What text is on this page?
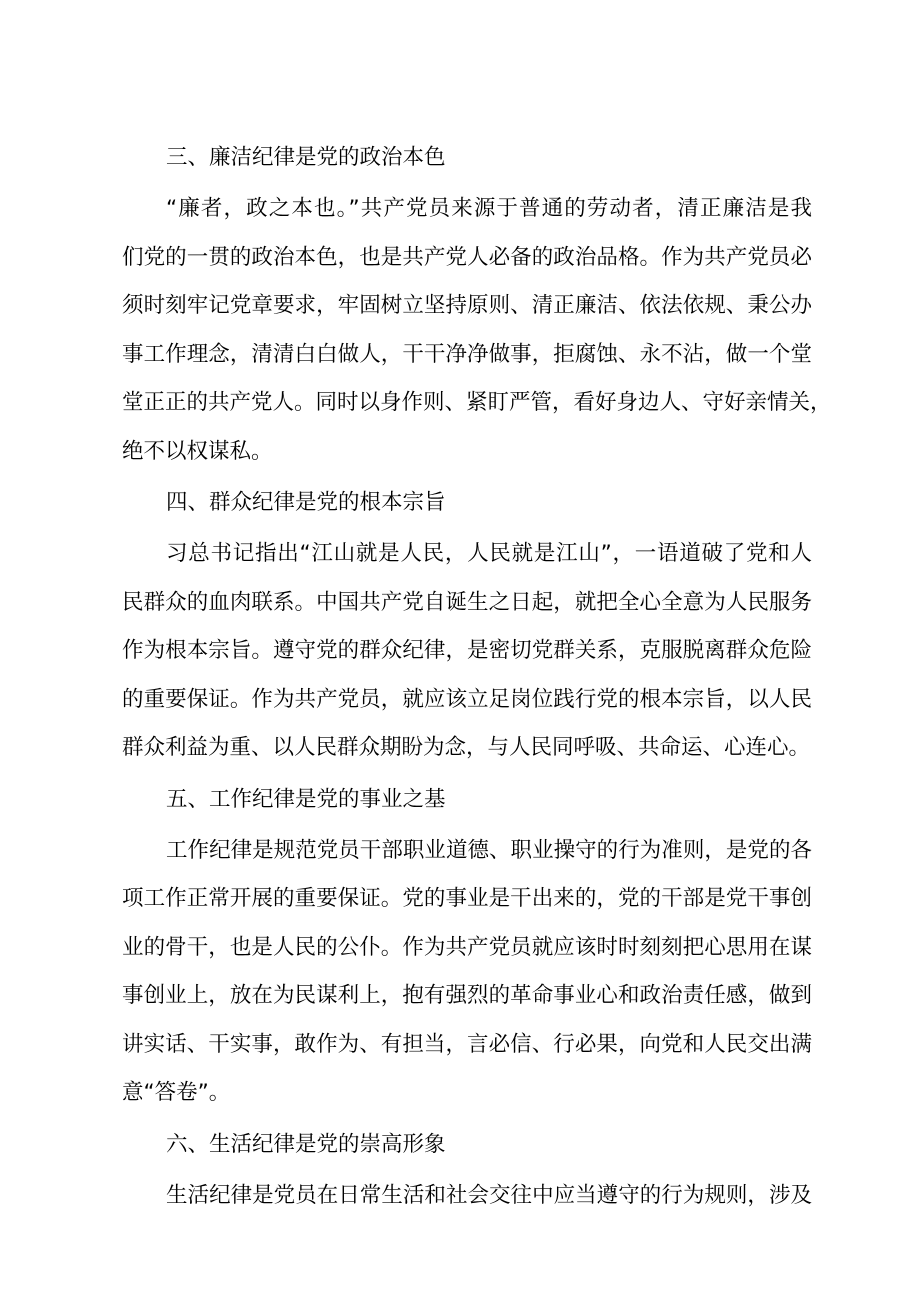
三、廉洁纪律是党的政治本色
“廉者，政之本也。”共产党员来源于普通的劳动者，清正廉洁是我
们党的一贯的政治本色，也是共产党人必备的政治品格。作为共产党员必
须时刻牢记党章要求，牢固树立坚持原则、清正廉洁、依法依规、秉公办
事工作理念，清清白白做人，干干净净做事，拒腐蚀、永不沾，做一个堂
堂正正的共产党人。同时以身作则、紧盯严管，看好身边人、守好亲情关，
绝不以权谋私。
四、群众纪律是党的根本宗旨
习总书记指出“江山就是人民，人民就是江山”，一语道破了党和人
民群众的血肉联系。中国共产党自诞生之日起，就把全心全意为人民服务
作为根本宗旨。遵守党的群众纪律，是密切党群关系，克服脱离群众危险
的重要保证。作为共产党员，就应该立足岗位践行党的根本宗旨，以人民
群众利益为重、以人民群众期盼为念，与人民同呼吸、共命运、心连心。
五、工作纪律是党的事业之基
工作纪律是规范党员干部职业道德、职业操守的行为准则，是党的各
项工作正常开展的重要保证。党的事业是干出来的，党的干部是党干事创
业的骨干，也是人民的公仆。作为共产党员就应该时时刻刻把心思用在谋
事创业上，放在为民谋利上，抱有强烈的革命事业心和政治责任感，做到
讲实话、干实事，敢作为、有担当，言必信、行必果，向党和人民交出满
意“答卷”。
六、生活纪律是党的崇高形象
生活纪律是党员在日常生活和社会交往中应当遵守的行为规则，涉及
